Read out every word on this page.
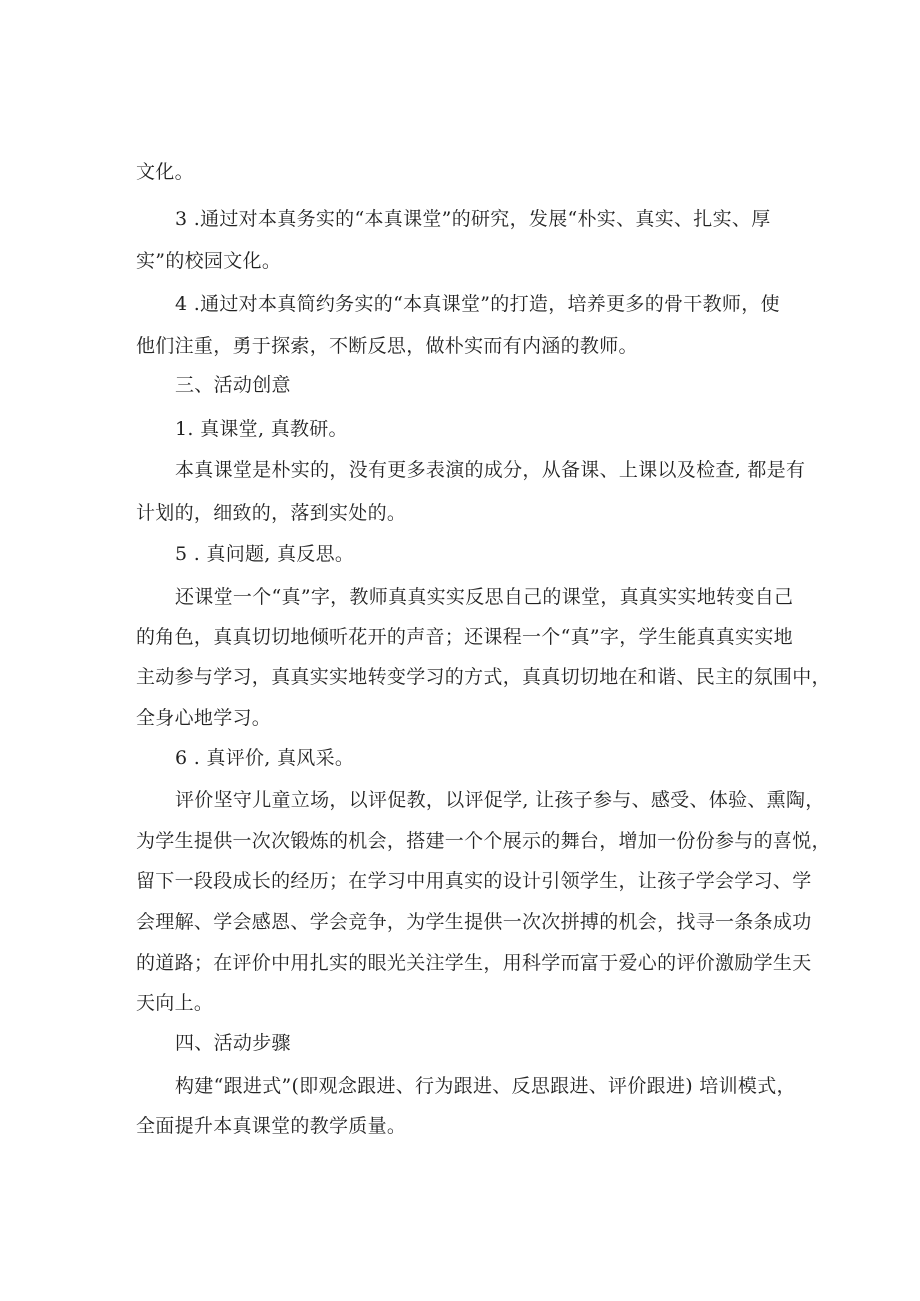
文化。
3 .通过对本真务实的“本真课堂”的研究，发展“朴实、真实、扎实、厚
实”的校园文化。
4 .通过对本真简约务实的“本真课堂”的打造，培养更多的骨干教师，使
他们注重，勇于探索，不断反思，做朴实而有内涵的教师。
三、活动创意
1. 真课堂, 真教研。
本真课堂是朴实的，没有更多表演的成分，从备课、上课以及检查, 都是有
计划的，细致的，落到实处的。
5 . 真问题, 真反思。
还课堂一个“真”字，教师真真实实反思自己的课堂，真真实实地转变自己
的角色，真真切切地倾听花开的声音；还课程一个“真”字，学生能真真实实地
主动参与学习，真真实实地转变学习的方式，真真切切地在和谐、民主的氛围中，
全身心地学习。
6 . 真评价, 真风采。
评价坚守儿童立场，以评促教，以评促学, 让孩子参与、感受、体验、熏陶，
为学生提供一次次锻炼的机会，搭建一个个展示的舞台，增加一份份参与的喜悦，
留下一段段成长的经历；在学习中用真实的设计引领学生，让孩子学会学习、学
会理解、学会感恩、学会竞争，为学生提供一次次拼搏的机会，找寻一条条成功
的道路；在评价中用扎实的眼光关注学生，用科学而富于爱心的评价激励学生天
天向上。
四、活动步骤
构建“跟进式”(即观念跟进、行为跟进、反思跟进、评价跟进) 培训模式，
全面提升本真课堂的教学质量。
